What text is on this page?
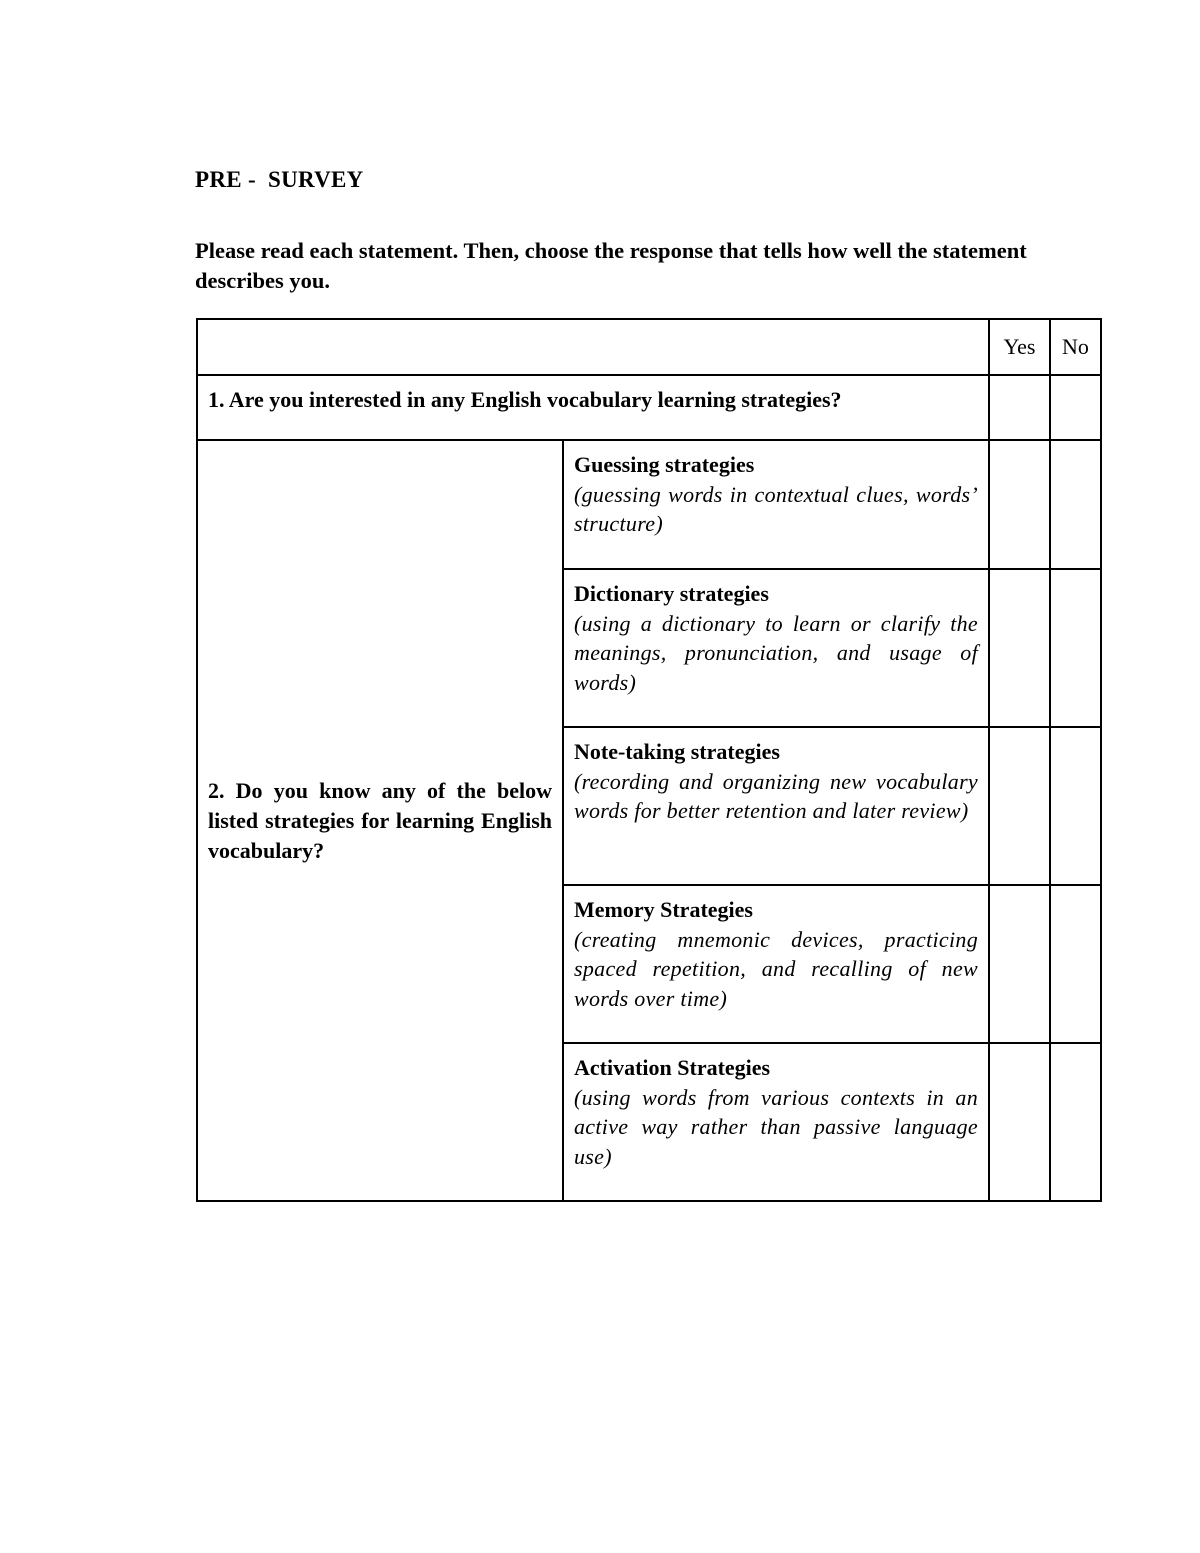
PRE -  SURVEY
Please read each statement. Then, choose the response that tells how well the statement describes you.
		Yes	No
1. Are you interested in any English vocabulary learning strategies?			
2. Do you know any of the below listed strategies for learning English vocabulary?	Guessing strategies
(guessing words in contextual clues, words’ structure)		

	Dictionary strategies
(using a dictionary to learn or clarify the meanings, pronunciation, and usage of words)		

	Note-taking strategies
(recording and organizing new vocabulary words for better retention and later review)		

	Memory Strategies
(creating mnemonic devices, practicing spaced repetition, and recalling of new words over time)		

	Activation Strategies
(using words from various contexts in an active way rather than passive language use)		
